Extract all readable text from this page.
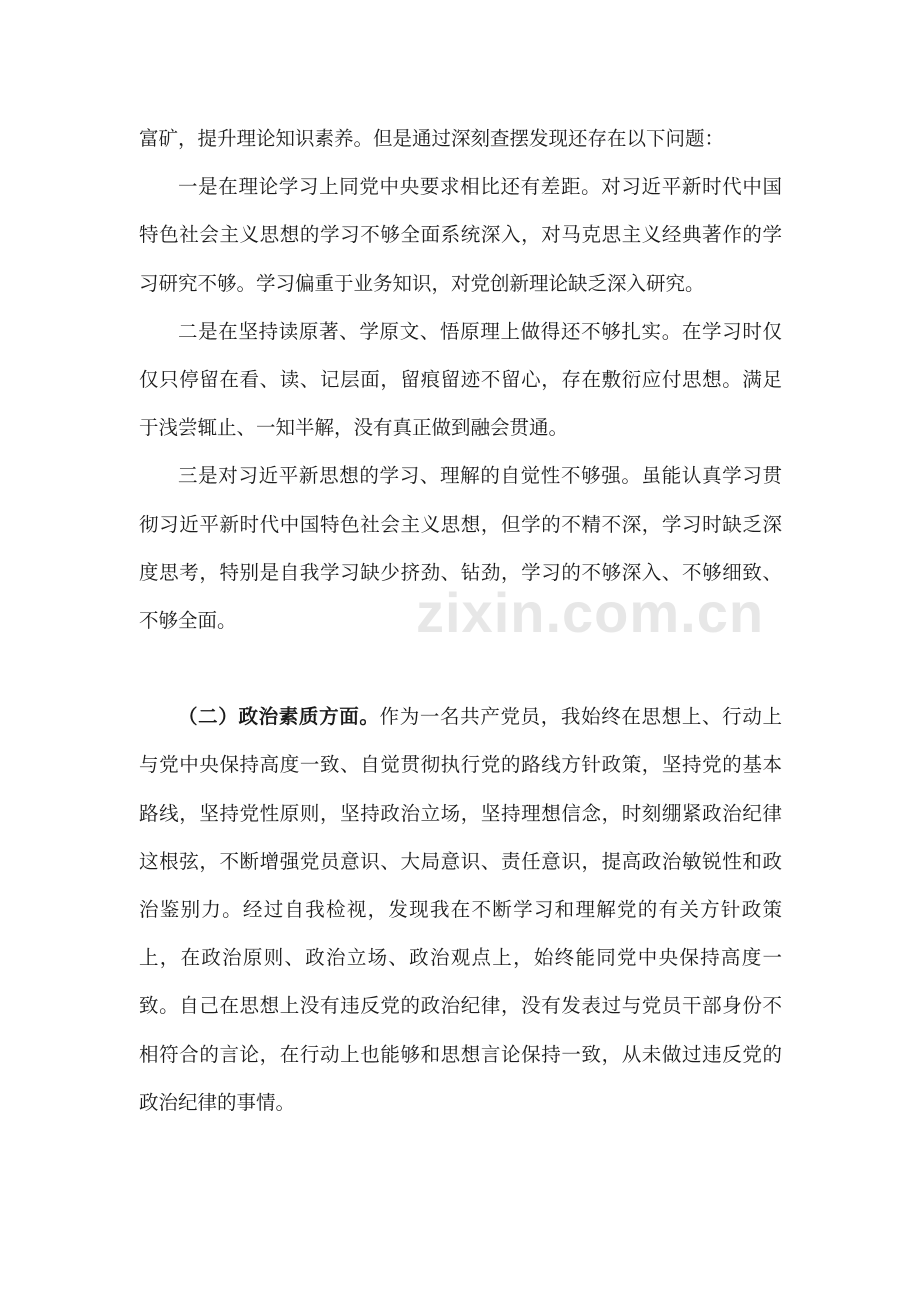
富矿，提升理论知识素养。但是通过深刻查摆发现还存在以下问题：

一是在理论学习上同党中央要求相比还有差距。对习近平新时代中国特色社会主义思想的学习不够全面系统深入，对马克思主义经典著作的学习研究不够。学习偏重于业务知识，对党创新理论缺乏深入研究。

二是在坚持读原著、学原文、悟原理上做得还不够扎实。在学习时仅仅只停留在看、读、记层面，留痕留迹不留心，存在敷衍应付思想。满足于浅尝辄止、一知半解，没有真正做到融会贯通。

三是对习近平新思想的学习、理解的自觉性不够强。虽能认真学习贯彻习近平新时代中国特色社会主义思想，但学的不精不深，学习时缺乏深度思考，特别是自我学习缺少挤劲、钻劲，学习的不够深入、不够细致、不够全面。

（二）政治素质方面。作为一名共产党员，我始终在思想上、行动上与党中央保持高度一致、自觉贯彻执行党的路线方针政策，坚持党的基本路线，坚持党性原则，坚持政治立场，坚持理想信念，时刻绷紧政治纪律这根弦，不断增强党员意识、大局意识、责任意识，提高政治敏锐性和政治鉴别力。经过自我检视，发现我在不断学习和理解党的有关方针政策上，在政治原则、政治立场、政治观点上，始终能同党中央保持高度一致。自己在思想上没有违反党的政治纪律，没有发表过与党员干部身份不相符合的言论，在行动上也能够和思想言论保持一致，从未做过违反党的政治纪律的事情。

zixin.com.cn
